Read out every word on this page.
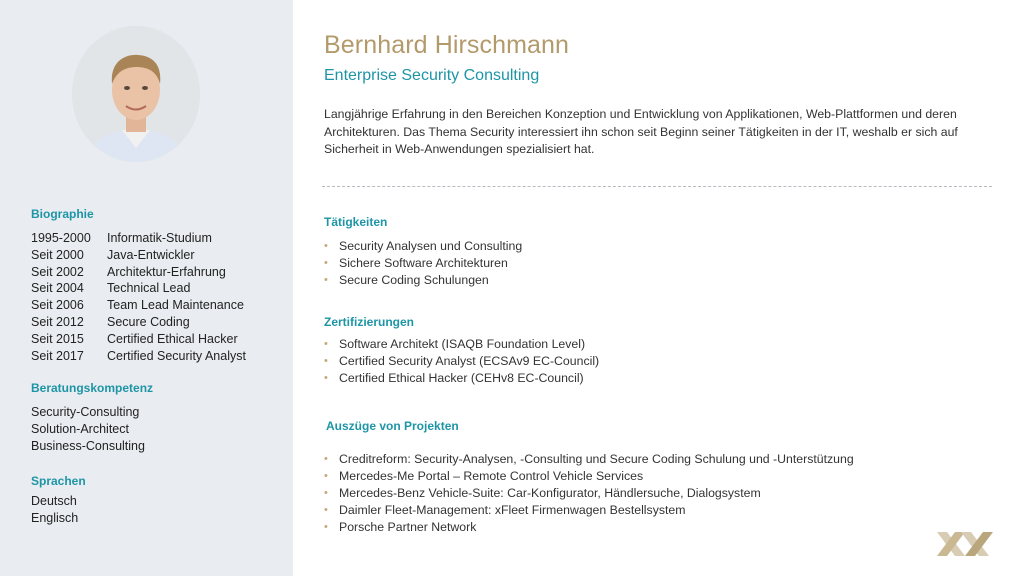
Biographie
1995-2000	Informatik-Studium
Seit 2000	Java-Entwickler
Seit 2002	Architektur-Erfahrung
Seit 2004	Technical Lead
Seit 2006	Team Lead Maintenance
Seit 2012	Secure Coding
Seit 2015	Certified Ethical Hacker
Seit 2017	Certified Security Analyst
Beratungskompetenz
Security-Consulting
Solution-Architect
Business-Consulting
Sprachen
Deutsch
Englisch
Bernhard Hirschmann
Enterprise Security Consulting
Langjährige Erfahrung in den Bereichen Konzeption und Entwicklung von Applikationen, Web-Plattformen und deren Architekturen. Das Thema Security interessiert ihn schon seit Beginn seiner Tätigkeiten in der IT, weshalb er sich auf Sicherheit in Web-Anwendungen spezialisiert hat.
Tätigkeiten
• Security Analysen und Consulting
• Sichere Software Architekturen
• Secure Coding Schulungen
Zertifizierungen
• Software Architekt (ISAQB Foundation Level)
• Certified Security Analyst (ECSAv9 EC-Council)
• Certified Ethical Hacker (CEHv8 EC-Council)
Auszüge von Projekten
• Creditreform: Security-Analysen, -Consulting und Secure Coding Schulung und -Unterstützung
• Mercedes-Me Portal – Remote Control Vehicle Services
• Mercedes-Benz Vehicle-Suite: Car-Konfigurator, Händlersuche, Dialogsystem
• Daimler Fleet-Management: xFleet Firmenwagen Bestellsystem
• Porsche Partner Network
